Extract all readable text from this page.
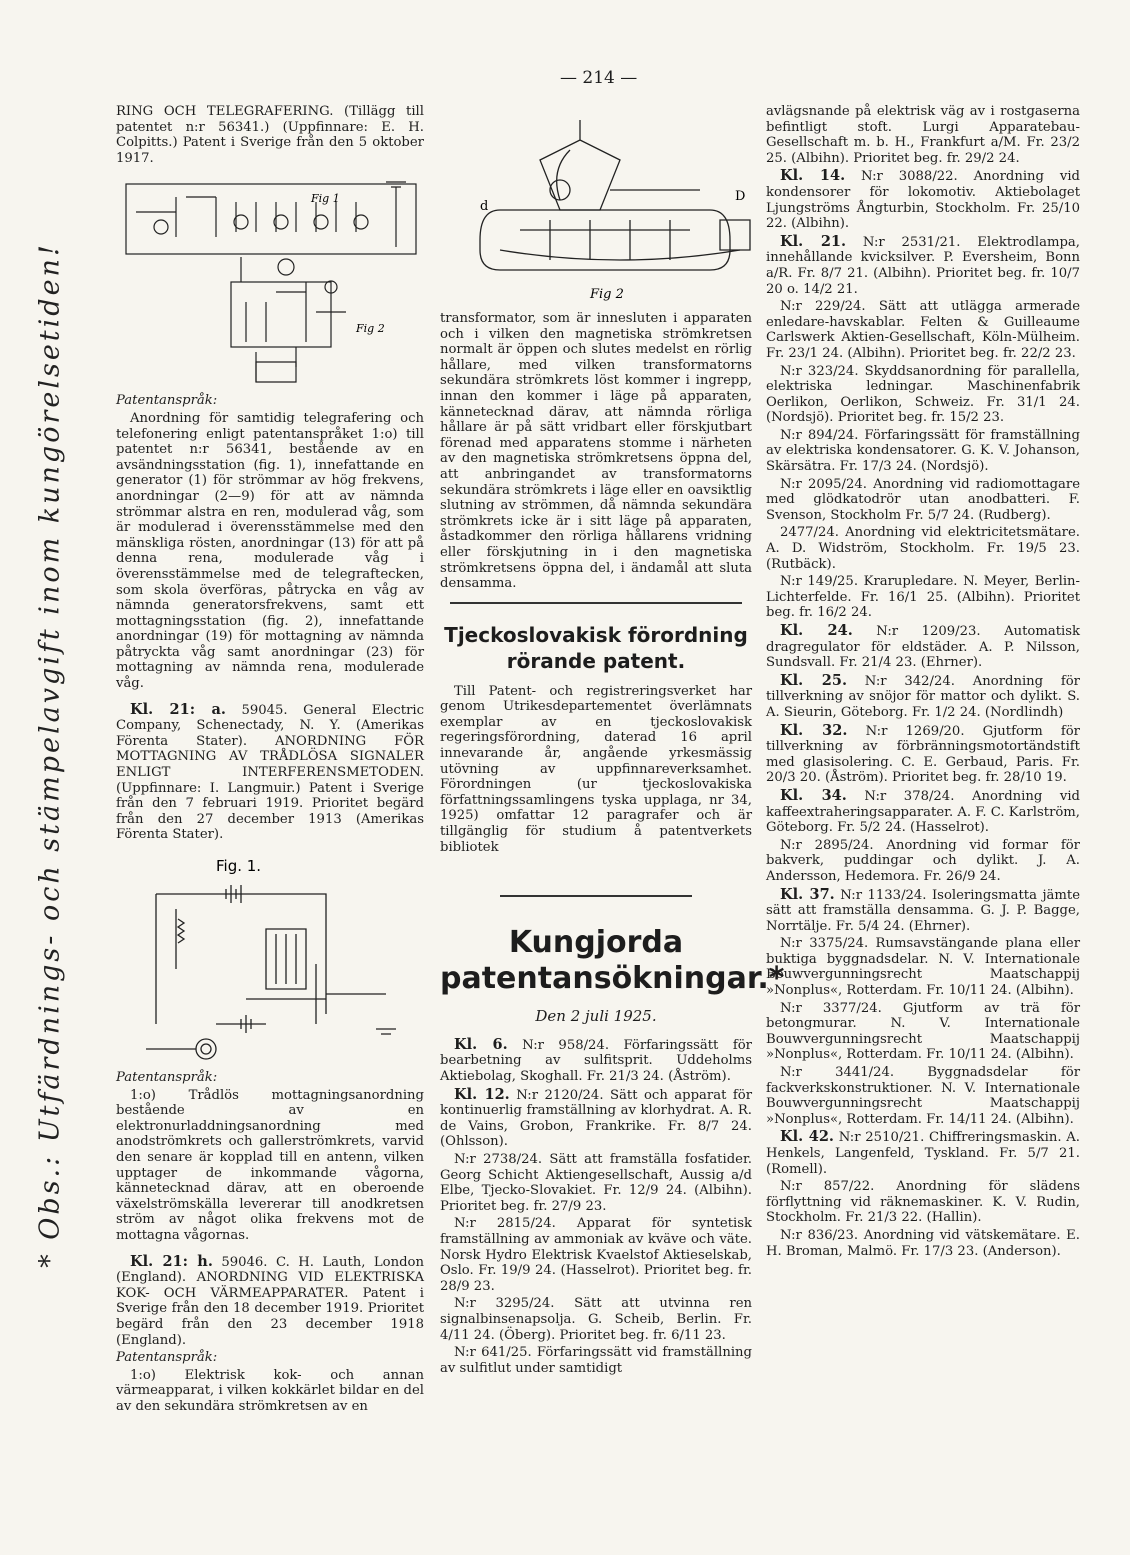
* Obs.: Utfärdnings- och stämpelavgift inom kungörelsetiden!
— 214 —

RING OCH TELEGRAFERING. (Tillägg till patentet n:r 56341.) (Uppfinnare: E. H. Colpitts.) Patent i Sverige från den 5 oktober 1917.

Fig 1
Fig 2

Patentanspråk:

Anordning för samtidig telegrafering och telefonering enligt patentanspråket 1:o) till patentet n:r 56341, bestående av en avsändningsstation (fig. 1), innefattande en generator (1) för strömmar av hög frekvens, anordningar (2—9) för att av nämnda strömmar alstra en ren, modulerad våg, som är modulerad i överensstämmelse med den mänskliga rösten, anordningar (13) för att på denna rena, modulerade våg i överensstämmelse med de telegraftecken, som skola överföras, påtrycka en våg av nämnda generatorsfrekvens, samt ett mottagningsstation (fig. 2), innefattande anordningar (19) för mottagning av nämnda påtryckta våg samt anordningar (23) för mottagning av nämnda rena, modulerade våg.

Kl. 21: a. 59045. General Electric Company, Schenectady, N. Y. (Amerikas Förenta Stater). ANORDNING FÖR MOTTAGNING AV TRÅDLÖSA SIGNALER ENLIGT INTERFERENSMETODEN. (Uppfinnare: I. Langmuir.) Patent i Sverige från den 7 februari 1919. Prioritet begärd från den 27 december 1913 (Amerikas Förenta Stater).

Fig. 1.

Patentanspråk:

1:o) Trådlös mottagningsanordning bestående av en elektronurladdningsanordning med anodströmkrets och gallerströmkrets, varvid den senare är kopplad till en antenn, vilken upptager de inkommande vågorna, kännetecknad därav, att en oberoende växelströmskälla levererar till anodkretsen ström av något olika frekvens mot de mottagna vågornas.

Kl. 21: h. 59046. C. H. Lauth, London (England). ANORDNING VID ELEKTRISKA KOK- OCH VÄRMEAPPARATER. Patent i Sverige från den 18 december 1919. Prioritet begärd från den 23 december 1918 (England).

Patentanspråk:

1:o) Elektrisk kok- och annan värmeapparat, i vilken kokkärlet bildar en del av den sekundära strömkretsen av en

d
D
Fig 2

transformator, som är innesluten i apparaten och i vilken den magnetiska strömkretsen normalt är öppen och slutes medelst en rörlig hållare, med vilken transformatorns sekundära strömkrets löst kommer i ingrepp, innan den kommer i läge på apparaten, kännetecknad därav, att nämnda rörliga hållare är på sätt vridbart eller förskjutbart förenad med apparatens stomme i närheten av den magnetiska strömkretsens öppna del, att anbringandet av transformatorns sekundära strömkrets i läge eller en oavsiktlig slutning av strömmen, då nämnda sekundära strömkrets icke är i sitt läge på apparaten, åstadkommer den rörliga hållarens vridning eller förskjutning in i den magnetiska strömkretsens öppna del, i ändamål att sluta densamma.

Tjeckoslovakisk förordning rörande patent.

Till Patent- och registreringsverket har genom Utrikesdepartementet överlämnats exemplar av en tjeckoslovakisk regeringsförordning, daterad 16 april innevarande år, angående yrkesmässig utövning av uppfinnareverksamhet. Förordningen (ur tjeckoslovakiska författningssamlingens tyska upplaga, nr 34, 1925) omfattar 12 paragrafer och är tillgänglig för studium å patentverkets bibliotek

Kungjorda patentansökningar.*
Den 2 juli 1925.

Kl. 6. N:r 958/24. Förfaringssätt för bearbetning av sulfitsprit. Uddeholms Aktiebolag, Skoghall. Fr. 21/3 24. (Åström).

Kl. 12. N:r 2120/24. Sätt och apparat för kontinuerlig framställning av klorhydrat. A. R. de Vains, Grobon, Frankrike. Fr. 8/7 24. (Ohlsson).

N:r 2738/24. Sätt att framställa fosfatider. Georg Schicht Aktiengesellschaft, Aussig a/d Elbe, Tjecko-Slovakiet. Fr. 12/9 24. (Albihn). Prioritet beg. fr. 27/9 23.

N:r 2815/24. Apparat för syntetisk framställning av ammoniak av kväve och väte. Norsk Hydro Elektrisk Kvaelstof Aktieselskab, Oslo. Fr. 19/9 24. (Hasselrot). Prioritet beg. fr. 28/9 23.

N:r 3295/24. Sätt att utvinna ren signalbinsenapsolja. G. Scheib, Berlin. Fr. 4/11 24. (Öberg). Prioritet beg. fr. 6/11 23.

N:r 641/25. Förfaringssätt vid framställning av sulfitlut under samtidigt

avlägsnande på elektrisk väg av i rostgaserna befintligt stoft. Lurgi Apparatebau-Gesellschaft m. b. H., Frankfurt a/M. Fr. 23/2 25. (Albihn). Prioritet beg. fr. 29/2 24.

Kl. 14. N:r 3088/22. Anordning vid kondensorer för lokomotiv. Aktiebolaget Ljungströms Ångturbin, Stockholm. Fr. 25/10 22. (Albihn).

Kl. 21. N:r 2531/21. Elektrodlampa, innehållande kvicksilver. P. Eversheim, Bonn a/R. Fr. 8/7 21. (Albihn). Prioritet beg. fr. 10/7 20 o. 14/2 21.

N:r 229/24. Sätt att utlägga armerade enledare-havskablar. Felten & Guilleaume Carlswerk Aktien-Gesellschaft, Köln-Mülheim. Fr. 23/1 24. (Albihn). Prioritet beg. fr. 22/2 23.

N:r 323/24. Skyddsanordning för parallella, elektriska ledningar. Maschinenfabrik Oerlikon, Oerlikon, Schweiz. Fr. 31/1 24. (Nordsjö). Prioritet beg. fr. 15/2 23.

N:r 894/24. Förfaringssätt för framställning av elektriska kondensatorer. G. K. V. Johanson, Skärsätra. Fr. 17/3 24. (Nordsjö).

N:r 2095/24. Anordning vid radiomottagare med glödkatodrör utan anodbatteri. F. Svenson, Stockholm Fr. 5/7 24. (Rudberg).

2477/24. Anordning vid elektricitetsmätare. A. D. Widström, Stockholm. Fr. 19/5 23. (Rutbäck).

N:r 149/25. Krarupledare. N. Meyer, Berlin-Lichterfelde. Fr. 16/1 25. (Albihn). Prioritet beg. fr. 16/2 24.

Kl. 24. N:r 1209/23. Automatisk dragregulator för eldstäder. A. P. Nilsson, Sundsvall. Fr. 21/4 23. (Ehrner).

Kl. 25. N:r 342/24. Anordning för tillverkning av snöjor för mattor och dylikt. S. A. Sieurin, Göteborg. Fr. 1/2 24. (Nordlindh)

Kl. 32. N:r 1269/20. Gjutform för tillverkning av förbränningsmotortändstift med glasisolering. C. E. Gerbaud, Paris. Fr. 20/3 20. (Åström). Prioritet beg. fr. 28/10 19.

Kl. 34. N:r 378/24. Anordning vid kaffeextraheringsapparater. A. F. C. Karlström, Göteborg. Fr. 5/2 24. (Hasselrot).

N:r 2895/24. Anordning vid formar för bakverk, puddingar och dylikt. J. A. Andersson, Hedemora. Fr. 26/9 24.

Kl. 37. N:r 1133/24. Isoleringsmatta jämte sätt att framställa densamma. G. J. P. Bagge, Norrtälje. Fr. 5/4 24. (Ehrner).

N:r 3375/24. Rumsavstängande plana eller buktiga byggnadsdelar. N. V. Internationale Bouwvergunningsrecht Maatschappij »Nonplus«, Rotterdam. Fr. 10/11 24. (Albihn).

N:r 3377/24. Gjutform av trä för betongmurar. N. V. Internationale Bouwvergunningsrecht Maatschappij »Nonplus«, Rotterdam. Fr. 10/11 24. (Albihn).

N:r 3441/24. Byggnadsdelar för fackverkskonstruktioner. N. V. Internationale Bouwvergunningsrecht Maatschappij »Nonplus«, Rotterdam. Fr. 14/11 24. (Albihn).

Kl. 42. N:r 2510/21. Chiffreringsmaskin. A. Henkels, Langenfeld, Tyskland. Fr. 5/7 21. (Romell).

N:r 857/22. Anordning för slädens förflyttning vid räknemaskiner. K. V. Rudin, Stockholm. Fr. 21/3 22. (Hallin).

N:r 836/23. Anordning vid vätskemätare. E. H. Broman, Malmö. Fr. 17/3 23. (Anderson).
